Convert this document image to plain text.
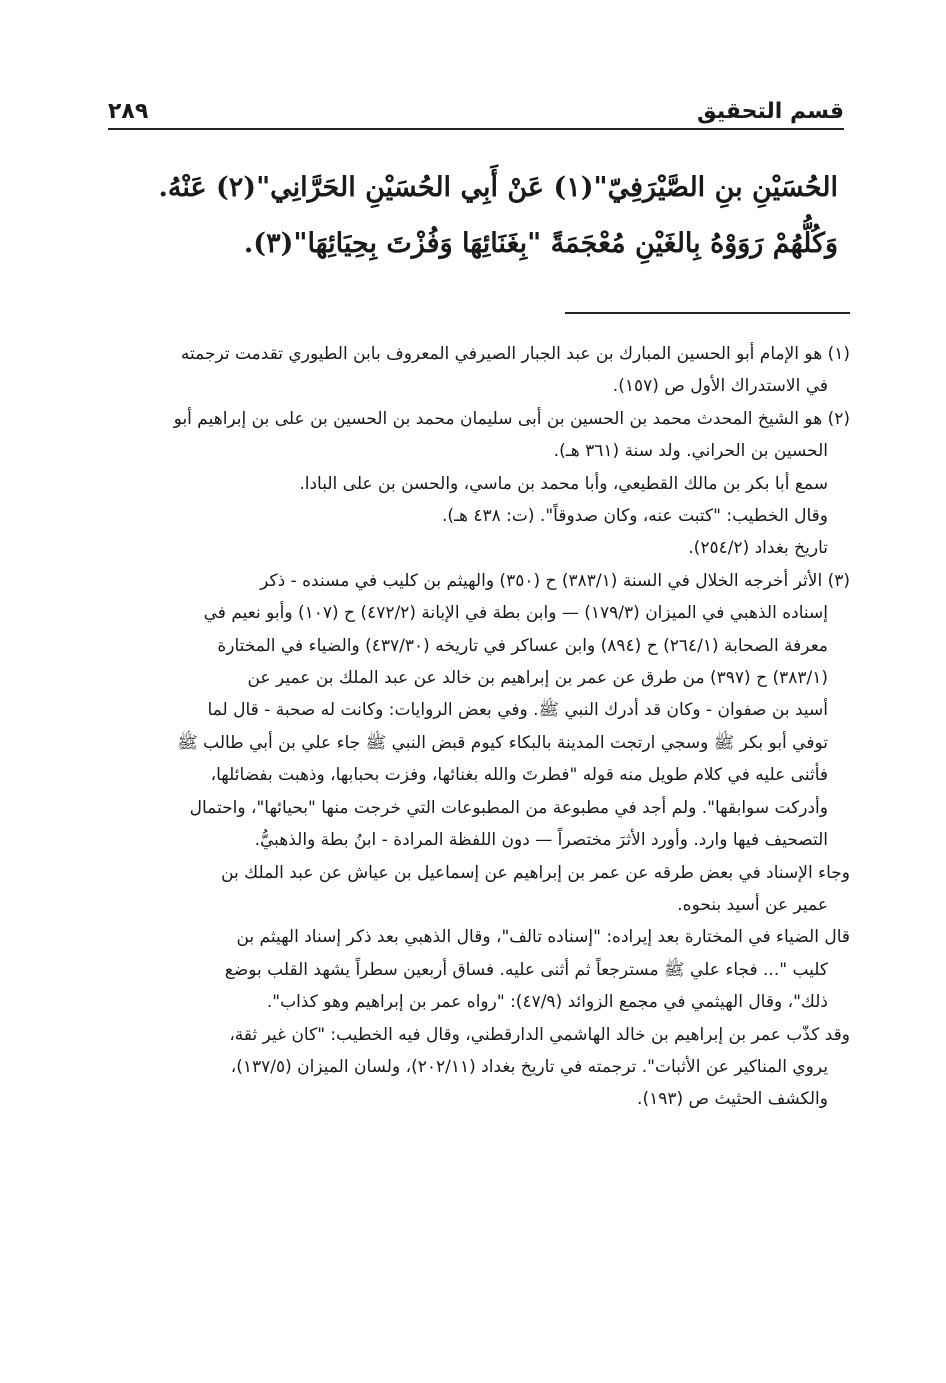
٢٨٩	قسم التحقيق
الحُسَيْنِ بنِ الصَّيْرَفِيّ"(١) عَنْ أَبِي الحُسَيْنِ الحَرَّانِي"(٢) عَنْهُ.
وَكُلُّهُمْ رَوَوْهُ بِالغَيْنِ مُعْجَمَةً "بِغَنَائِهَا وَفُزْتَ بِحِيَائِهَا"(٣).
(١) هو الإمام أبو الحسين المبارك بن عبد الجبار الصيرفي المعروف بابن الطيوري تقدمت ترجمته
في الاستدراك الأول ص (١٥٧).
(٢) هو الشيخ المحدث محمد بن الحسين بن أبى سليمان محمد بن الحسين بن على بن إبراهيم أبو
الحسين بن الحراني. ولد سنة (٣٦١ هـ).
سمع أبا بكر بن مالك القطيعي، وأبا محمد بن ماسي، والحسن بن على البادا.
وقال الخطيب: "كتبت عنه، وكان صدوقاً". (ت: ٤٣٨ هـ).
تاريخ بغداد (٢٥٤/٢).
(٣) الأثر أخرجه الخلال في السنة (٣٨٣/١) ح (٣٥٠) والهيثم بن كليب في مسنده - ذكر
إسناده الذهبي في الميزان (١٧٩/٣) — وابن بطة في الإبانة (٤٧٢/٢) ح (١٠٧) وأبو نعيم في
معرفة الصحابة (٢٦٤/١) ح (٨٩٤) وابن عساكر في تاريخه (٤٣٧/٣٠) والضياء في المختارة
(٣٨٣/١) ح (٣٩٧) من طرق عن عمر بن إبراهيم بن خالد عن عبد الملك بن عمير عن
أسيد بن صفوان - وكان قد أدرك النبي ﷺ. وفي بعض الروايات: وكانت له صحبة - قال لما
توفي أبو بكر ﷺ وسجي ارتجت المدينة بالبكاء كيوم قبض النبي ﷺ جاء علي بن أبي طالب ﷺ
فأثنى عليه في كلام طويل منه قوله "فطرتَ والله بغنائها، وفزت بحبابها، وذهبت بفضائلها،
وأدركت سوابقها". ولم أجد في مطبوعة من المطبوعات التي خرجت منها "بحيائها"، واحتمال
التصحيف فيها وارد. وأورد الأثرَ مختصراً — دون اللفظة المرادة - ابنُ بطة والذهبيُّ.
وجاء الإسناد في بعض طرقه عن عمر بن إبراهيم عن إسماعيل بن عياش عن عبد الملك بن
عمير عن أسيد بنحوه.
قال الضياء في المختارة بعد إيراده: "إسناده تالف"، وقال الذهبي بعد ذكر إسناد الهيثم بن
كليب "... فجاء علي ﷺ مسترجعاً ثم أثنى عليه. فساق أربعين سطراً يشهد القلب بوضع
ذلك"، وقال الهيثمي في مجمع الزوائد (٤٧/٩): "رواه عمر بن إبراهيم وهو كذاب".
وقد كذّب عمر بن إبراهيم بن خالد الهاشمي الدارقطني، وقال فيه الخطيب: "كان غير ثقة،
يروي المناكير عن الأثبات". ترجمته في تاريخ بغداد (٢٠٢/١١)، ولسان الميزان (١٣٧/٥)،
والكشف الحثيث ص (١٩٣).
